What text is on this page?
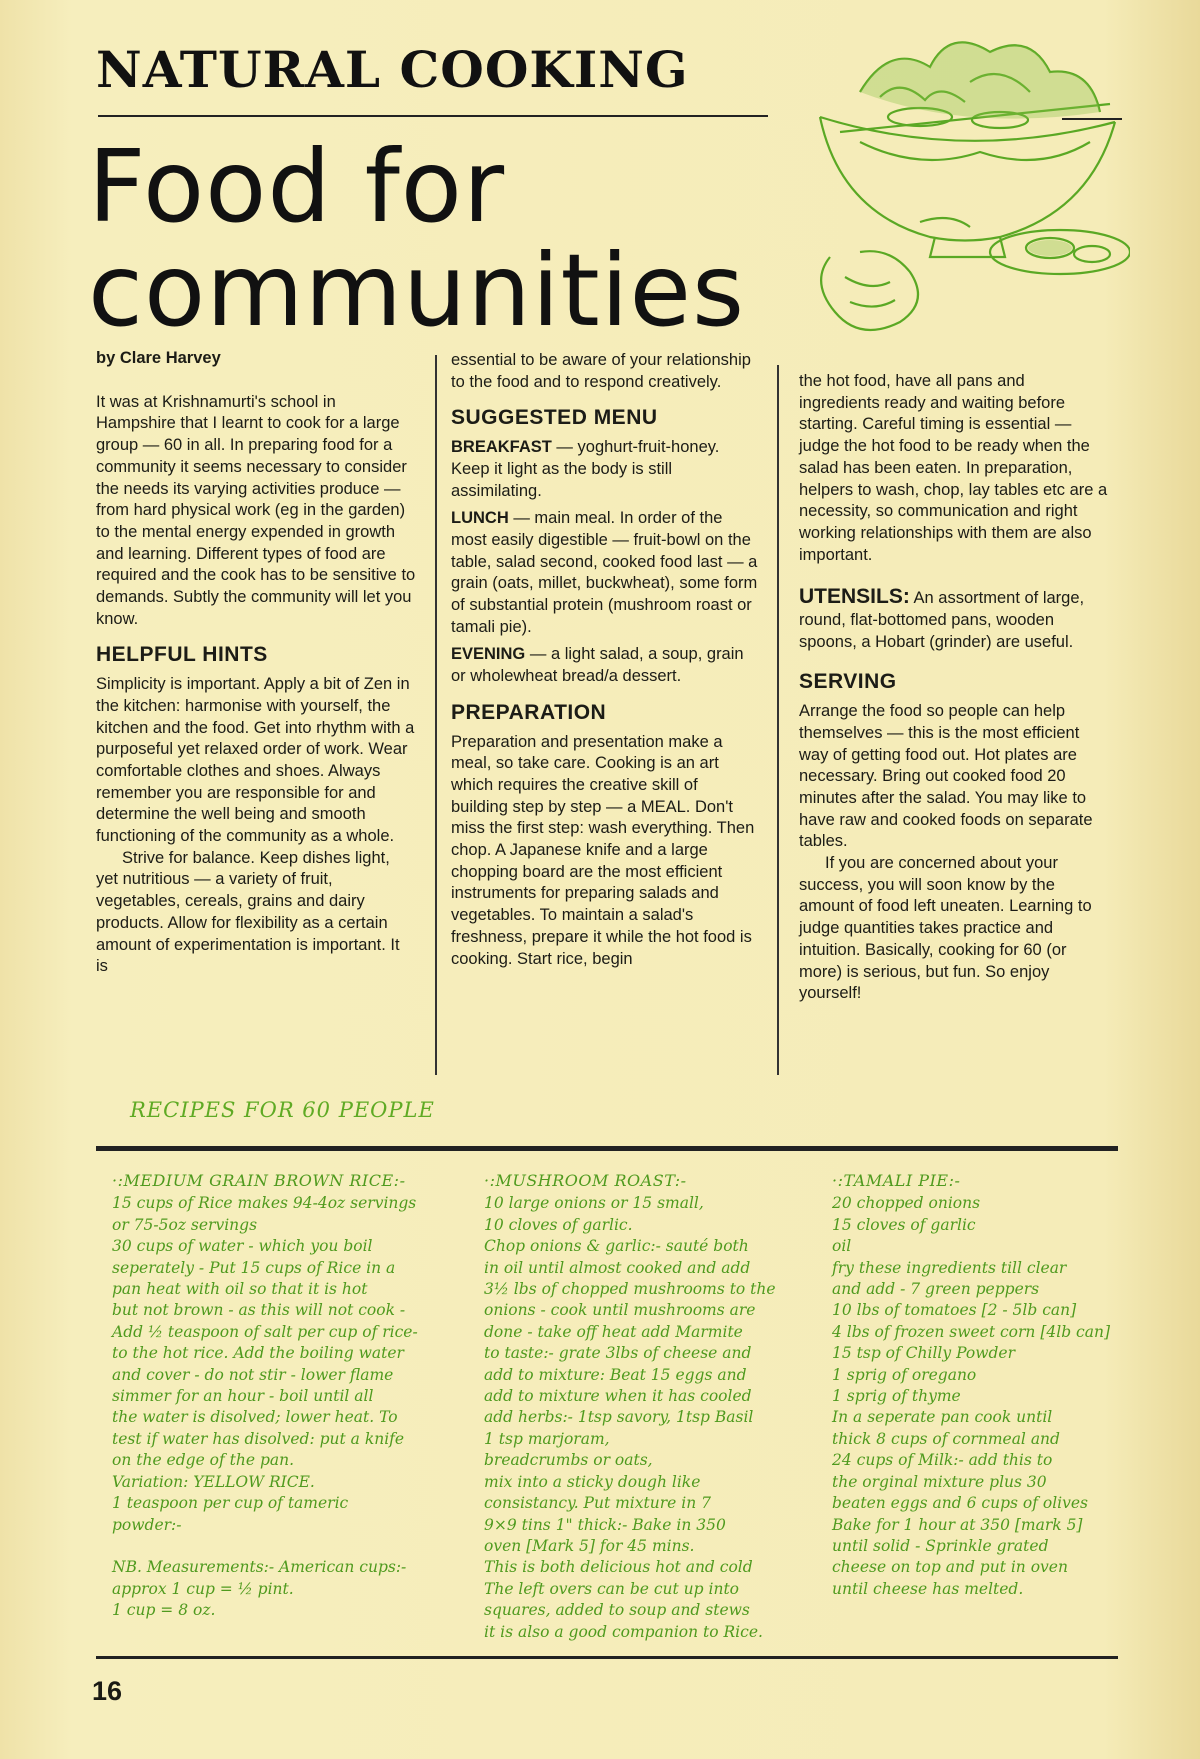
NATURAL COOKING
Food for
communities

by Clare Harvey

It was at Krishnamurti's school in Hampshire that I learnt to cook for a large group — 60 in all. In preparing food for a community it seems necessary to consider the needs its varying activities produce — from hard physical work (eg in the garden) to the mental energy expended in growth and learning. Different types of food are required and the cook has to be sensitive to demands. Subtly the community will let you know.

HELPFUL HINTS

Simplicity is important. Apply a bit of Zen in the kitchen: harmonise with yourself, the kitchen and the food. Get into rhythm with a purposeful yet relaxed order of work. Wear comfortable clothes and shoes. Always remember you are responsible for and determine the well being and smooth functioning of the community as a whole.

Strive for balance. Keep dishes light, yet nutritious — a variety of fruit, vegetables, cereals, grains and dairy products. Allow for flexibility as a certain amount of experimentation is important. It is

essential to be aware of your relationship to the food and to respond creatively.

SUGGESTED MENU

BREAKFAST — yoghurt-fruit-honey. Keep it light as the body is still assimilating.

LUNCH — main meal. In order of the most easily digestible — fruit-bowl on the table, salad second, cooked food last — a grain (oats, millet, buckwheat), some form of substantial protein (mushroom roast or tamali pie).

EVENING — a light salad, a soup, grain or wholewheat bread/a dessert.

PREPARATION

Preparation and presentation make a meal, so take care. Cooking is an art which requires the creative skill of building step by step — a MEAL. Don't miss the first step: wash everything. Then chop. A Japanese knife and a large chopping board are the most efficient instruments for preparing salads and vegetables. To maintain a salad's freshness, prepare it while the hot food is cooking. Start rice, begin

the hot food, have all pans and ingredients ready and waiting before starting. Careful timing is essential — judge the hot food to be ready when the salad has been eaten. In preparation, helpers to wash, chop, lay tables etc are a necessity, so communication and right working relationships with them are also important.

UTENSILS: An assortment of large, round, flat-bottomed pans, wooden spoons, a Hobart (grinder) are useful.

SERVING

Arrange the food so people can help themselves — this is the most efficient way of getting food out. Hot plates are necessary. Bring out cooked food 20 minutes after the salad. You may like to have raw and cooked foods on separate tables.

If you are concerned about your success, you will soon know by the amount of food left uneaten. Learning to judge quantities takes practice and intuition. Basically, cooking for 60 (or more) is serious, but fun. So enjoy yourself!

RECIPES FOR 60 PEOPLE
·:MEDIUM GRAIN BROWN RICE:-
15 cups of Rice makes 94-4oz servings
or 75-5oz servings
30 cups of water - which you boil
seperately - Put 15 cups of Rice in a
pan heat with oil so that it is hot
but not brown - as this will not cook -
Add ½ teaspoon of salt per cup of rice-
to the hot rice. Add the boiling water
and cover - do not stir - lower flame
simmer for an hour - boil until all
the water is disolved; lower heat. To
test if water has disolved: put a knife
on the edge of the pan.
Variation: YELLOW RICE.
1 teaspoon per cup of tameric
powder:-

NB. Measurements:- American cups:-
approx 1 cup = ½ pint.
1 cup = 8 oz.
·:MUSHROOM ROAST:-
10 large onions or 15 small,
10 cloves of garlic.
Chop onions & garlic:- sauté both
in oil until almost cooked and add
3½ lbs of chopped mushrooms to the
onions - cook until mushrooms are
done - take off heat add Marmite
to taste:- grate 3lbs of cheese and
add to mixture: Beat 15 eggs and
add to mixture when it has cooled
add herbs:- 1tsp savory, 1tsp Basil
1 tsp marjoram,
breadcrumbs or oats,
mix into a sticky dough like
consistancy. Put mixture in 7
9×9 tins 1" thick:- Bake in 350
oven [Mark 5] for 45 mins.
This is both delicious hot and cold
The left overs can be cut up into
squares, added to soup and stews
it is also a good companion to Rice.
·:TAMALI PIE:-
20 chopped onions
15 cloves of garlic
oil
fry these ingredients till clear
and add - 7 green peppers
10 lbs of tomatoes [2 - 5lb can]
4 lbs of frozen sweet corn [4lb can]
15 tsp of Chilly Powder
1 sprig of oregano
1 sprig of thyme
In a seperate pan cook until
thick 8 cups of cornmeal and
24 cups of Milk:- add this to
the orginal mixture plus 30
beaten eggs and 6 cups of olives
Bake for 1 hour at 350 [mark 5]
until solid - Sprinkle grated
cheese on top and put in oven
until cheese has melted.
16
